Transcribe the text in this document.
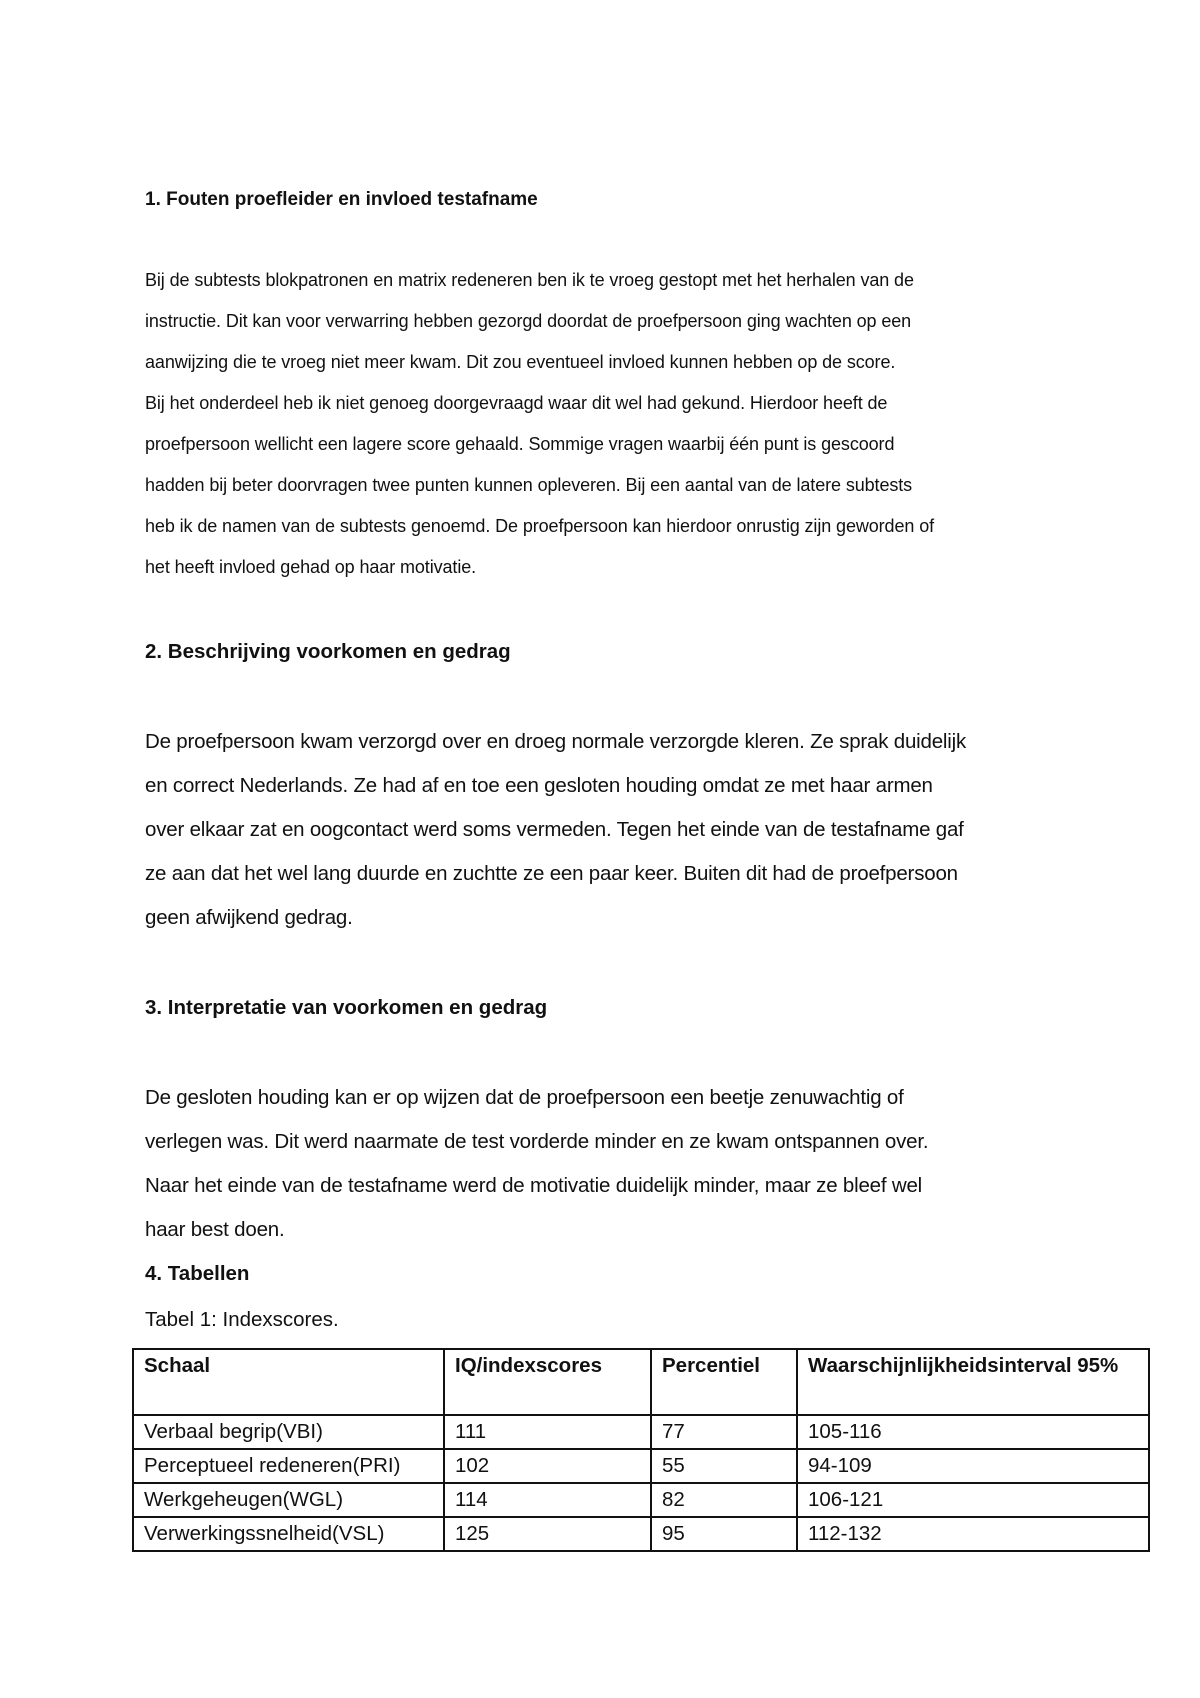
1. Fouten proefleider en invloed testafname
Bij de subtests blokpatronen en matrix redeneren ben ik te vroeg gestopt met het herhalen van de
instructie. Dit kan voor verwarring hebben gezorgd doordat de proefpersoon ging wachten op een
aanwijzing die te vroeg niet meer kwam. Dit zou eventueel invloed kunnen hebben op de score.
Bij het onderdeel heb ik niet genoeg doorgevraagd waar dit wel had gekund. Hierdoor heeft de
proefpersoon wellicht een lagere score gehaald. Sommige vragen waarbij één punt is gescoord
hadden bij beter doorvragen twee punten kunnen opleveren. Bij een aantal van de latere subtests
heb ik de namen van de subtests genoemd. De proefpersoon kan hierdoor onrustig zijn geworden of
het heeft invloed gehad op haar motivatie.
2. Beschrijving voorkomen en gedrag
De proefpersoon kwam verzorgd over en droeg normale verzorgde kleren. Ze sprak duidelijk
en correct Nederlands. Ze had af en toe een gesloten houding omdat ze met haar armen
over elkaar zat en oogcontact werd soms vermeden. Tegen het einde van de testafname gaf
ze aan dat het wel lang duurde en zuchtte ze een paar keer. Buiten dit had de proefpersoon
geen afwijkend gedrag.
3. Interpretatie van voorkomen en gedrag
De gesloten houding kan er op wijzen dat de proefpersoon een beetje zenuwachtig of
verlegen was. Dit werd naarmate de test vorderde minder en ze kwam ontspannen over.
Naar het einde van de testafname werd de motivatie duidelijk minder, maar ze bleef wel
haar best doen.
4. Tabellen
Tabel 1: Indexscores.
Schaal	IQ/indexscores	Percentiel	Waarschijnlijkheidsinterval 95%
Verbaal begrip(VBI)	111	77	105-116
Perceptueel redeneren(PRI)	102	55	94-109
Werkgeheugen(WGL)	114	82	106-121
Verwerkingssnelheid(VSL)	125	95	112-132
